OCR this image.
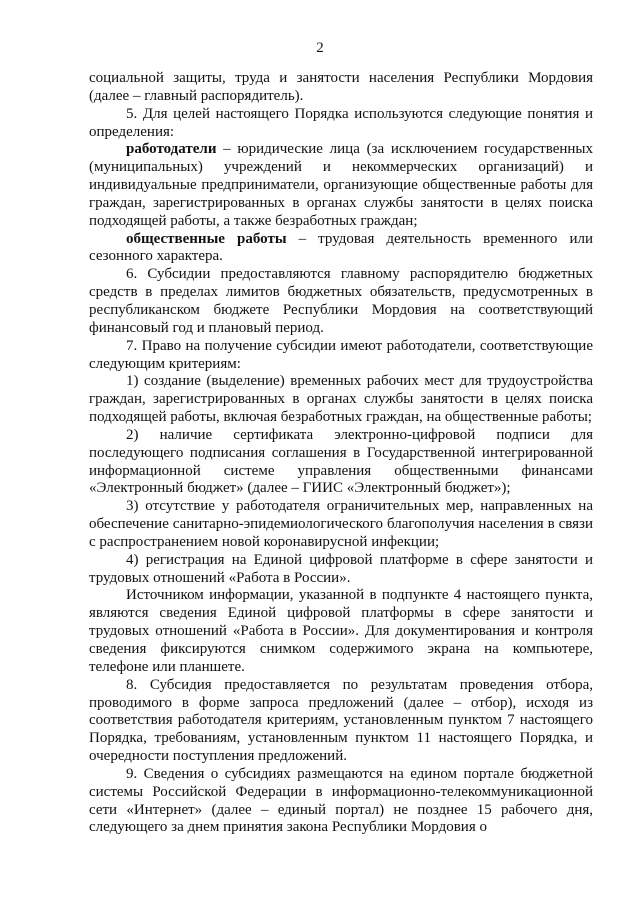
2

социальной защиты, труда и занятости населения Республики Мордовия (далее – главный распорядитель).

5. Для целей настоящего Порядка используются следующие понятия и определения:

работодатели – юридические лица (за исключением государственных (муниципальных) учреждений и некоммерческих организаций) и индивидуальные предприниматели, организующие общественные работы для граждан, зарегистрированных в органах службы занятости в целях поиска подходящей работы, а также безработных граждан;

общественные работы – трудовая деятельность временного или сезонного характера.

6. Субсидии предоставляются главному распорядителю бюджетных средств в пределах лимитов бюджетных обязательств, предусмотренных в республиканском бюджете Республики Мордовия на соответствующий финансовый год и плановый период.

7. Право на получение субсидии имеют работодатели, соответствующие следующим критериям:

1) создание (выделение) временных рабочих мест для трудоустройства граждан, зарегистрированных в органах службы занятости в целях поиска подходящей работы, включая безработных граждан, на общественные работы;

2) наличие сертификата электронно-цифровой подписи для последующего подписания соглашения в Государственной интегрированной информационной системе управления общественными финансами «Электронный бюджет» (далее – ГИИС «Электронный бюджет»);

3) отсутствие у работодателя ограничительных мер, направленных на обеспечение санитарно-эпидемиологического благополучия населения в связи с распространением новой коронавирусной инфекции;

4) регистрация на Единой цифровой платформе в сфере занятости и трудовых отношений «Работа в России».

Источником информации, указанной в подпункте 4 настоящего пункта, являются сведения Единой цифровой платформы в сфере занятости и трудовых отношений «Работа в России». Для документирования и контроля сведения фиксируются снимком содержимого экрана на компьютере, телефоне или планшете.

8. Субсидия предоставляется по результатам проведения отбора, проводимого в форме запроса предложений (далее – отбор), исходя из соответствия работодателя критериям, установленным пунктом 7 настоящего Порядка, требованиям, установленным пунктом 11 настоящего Порядка, и очередности поступления предложений.

9. Сведения о субсидиях размещаются на едином портале бюджетной системы Российской Федерации в информационно-телекоммуникационной сети «Интернет» (далее – единый портал) не позднее 15 рабочего дня, следующего за днем принятия закона Республики Мордовия о
